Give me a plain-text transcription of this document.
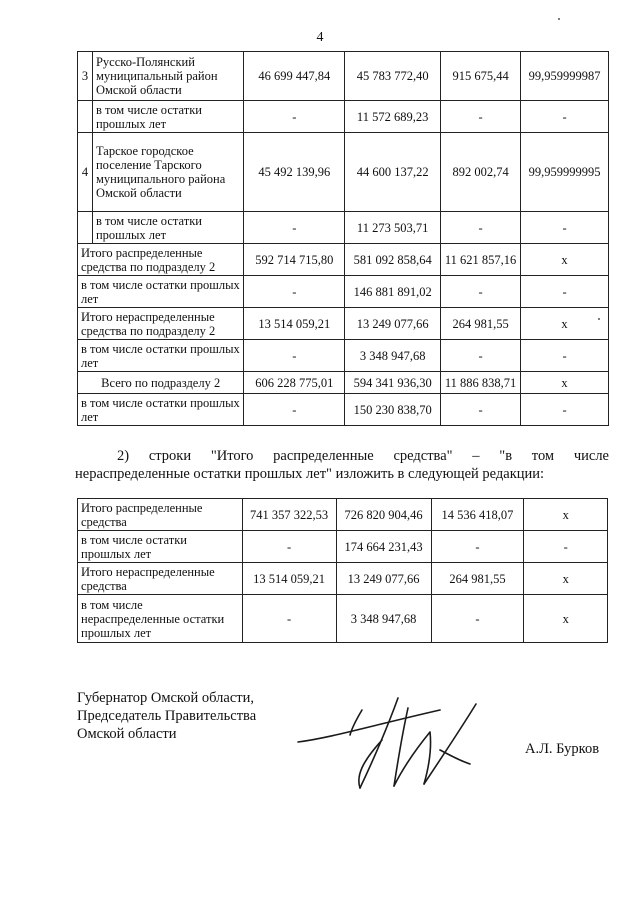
4
3	Русско-Полянский муниципальный район Омской области	46 699 447,84	45 783 772,40	915 675,44	99,959999987
	в том числе остатки прошлых лет	-	11 572 689,23	-	-
4	Тарское городское поселение Тарского муниципального района Омской области	45 492 139,96	44 600 137,22	892 002,74	99,959999995
	в том числе остатки прошлых лет	-	11 273 503,71	-	-
Итого распределенные средства по подразделу 2		592 714 715,80	581 092 858,64	11 621 857,16	x
в том числе остатки прошлых лет		-	146 881 891,02	-	-
Итого нераспределенные средства по подразделу 2		13 514 059,21	13 249 077,66	264 981,55	x
в том числе остатки прошлых лет		-	3 348 947,68	-	-
Всего по подразделу 2		606 228 775,01	594 341 936,30	11 886 838,71	x
в том числе остатки прошлых лет		-	150 230 838,70	-	-
2) строки "Итого распределенные средства" – "в том числе
нераспределенные остатки прошлых лет" изложить в следующей редакции:
Итого распределенные средства	741 357 322,53	726 820 904,46	14 536 418,07	x
в том числе остатки прошлых лет	-	174 664 231,43	-	-
Итого нераспределенные средства	13 514 059,21	13 249 077,66	264 981,55	x
в том числе нераспределенные остатки прошлых лет	-	3 348 947,68	-	x
Губернатор Омской области,
Председатель Правительства
Омской области
А.Л. Бурков
